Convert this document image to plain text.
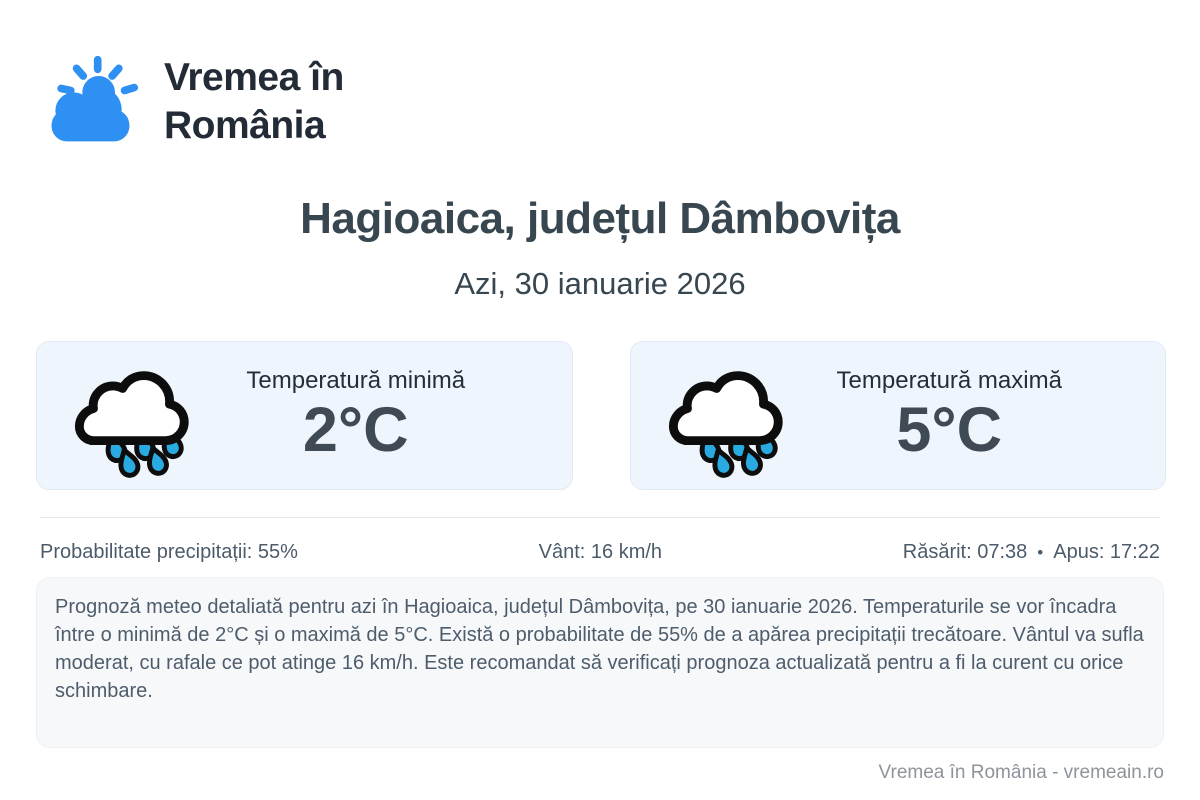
Vremea în
România
Hagioaica, județul Dâmbovița
Azi, 30 ianuarie 2026
Temperatură minimă
2°C
Temperatură maximă
5°C
Probabilitate precipitații: 55%	Vânt: 16 km/h	Răsărit: 07:38 • Apus: 17:22

Prognoză meteo detaliată pentru azi în Hagioaica, județul Dâmbovița, pe 30 ianuarie 2026. Temperaturile se vor încadra între o minimă de 2°C și o maximă de 5°C. Există o probabilitate de 55% de a apărea precipitații trecătoare. Vântul va sufla moderat, cu rafale ce pot atinge 16 km/h. Este recomandat să verificați prognoza actualizată pentru a fi la curent cu orice schimbare.

Vremea în România - vremeain.ro
